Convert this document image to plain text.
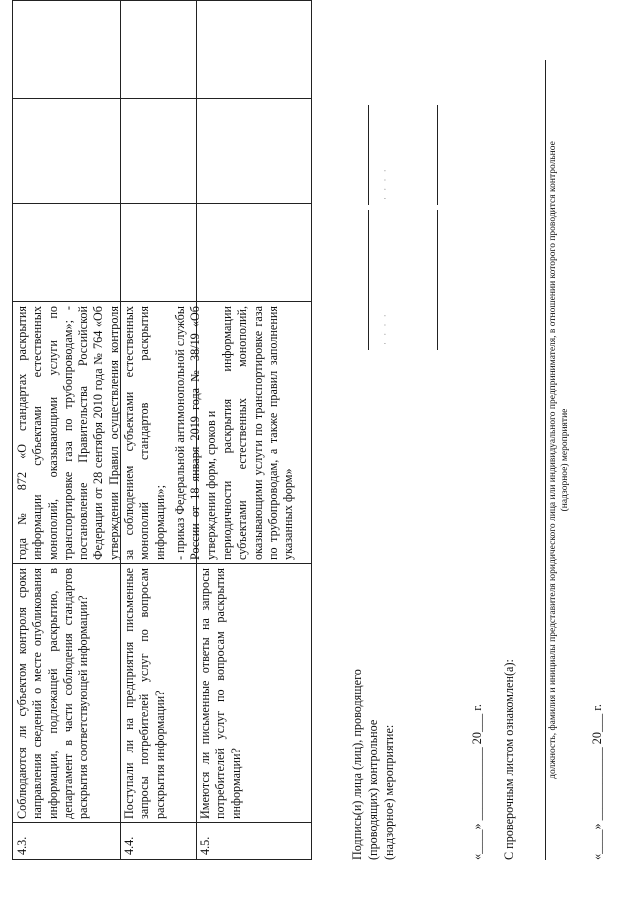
4.3.
Соблюдаются ли субъектом контроля сроки направления сведений о месте опубликования информации, подлежащей раскрытию, в департамент в части соблюдения стандартов раскрытия соответствующей информации?
4.4.
Поступали ли на предприятия письменные запросы потребителей услуг по вопросам раскрытия информации?
4.5.
Имеются ли письменные ответы на запросы потребителей услуг по вопросам раскрытия информации?
года № 872 «О стандартах раскрытия информации субъектами естественных монополий, оказывающими услуги по транспортировке газа по трубопроводам»; - постановление Правительства Российской Федерации от 28 сентября 2010 года № 764 «Об утверждении Правил осуществления контроля за соблюдением субъектами естественных монополий стандартов раскрытия информации»; - приказ Федеральной антимонопольной службы России от 18 января 2019 года № 38/19 «Об утверждении форм, сроков и периодичности раскрытия информации субъектами естественных монополий, оказывающими услуги по транспортировке газа по трубопроводам, а также правил заполнения указанных форм»
Подпись(и) лица (лиц), проводящего (проводящих) контрольное (надзорное) мероприятие:
· · · ·
· · · ·
«____» ____________ 20___ г. С проверочным листом ознакомлен(а):	должность, фамилия и инициалы представителя юридического лица или индивидуального предпринимателя, в отношении которого проводится контрольное (надзорное) мероприятие
«____» ____________ 20___ г.
